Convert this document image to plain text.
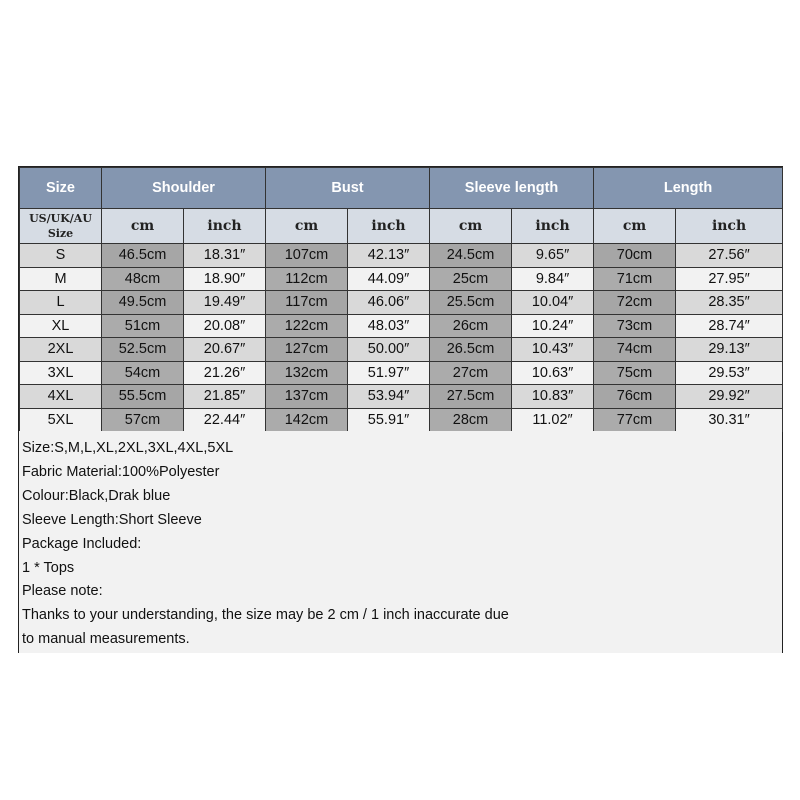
Size	Shoulder		Bust		Sleeve length		Length	

US/UK/AU
Size	cm	inch	cm	inch	cm	inch	cm	inch
S	46.5cm	18.31″	107cm	42.13″	24.5cm	9.65″	70cm	27.56″
M	48cm	18.90″	112cm	44.09″	25cm	9.84″	71cm	27.95″
L	49.5cm	19.49″	117cm	46.06″	25.5cm	10.04″	72cm	28.35″
XL	51cm	20.08″	122cm	48.03″	26cm	10.24″	73cm	28.74″
2XL	52.5cm	20.67″	127cm	50.00″	26.5cm	10.43″	74cm	29.13″
3XL	54cm	21.26″	132cm	51.97″	27cm	10.63″	75cm	29.53″
4XL	55.5cm	21.85″	137cm	53.94″	27.5cm	10.83″	76cm	29.92″
5XL	57cm	22.44″	142cm	55.91″	28cm	11.02″	77cm	30.31″
Size:S,M,L,XL,2XL,3XL,4XL,5XL
Fabric Material:100%Polyester
Colour:Black,Drak blue
Sleeve Length:Short Sleeve
Package Included:
1 * Tops
Please note:
Thanks to your understanding, the size may be 2 cm / 1 inch inaccurate due
to manual measurements.
